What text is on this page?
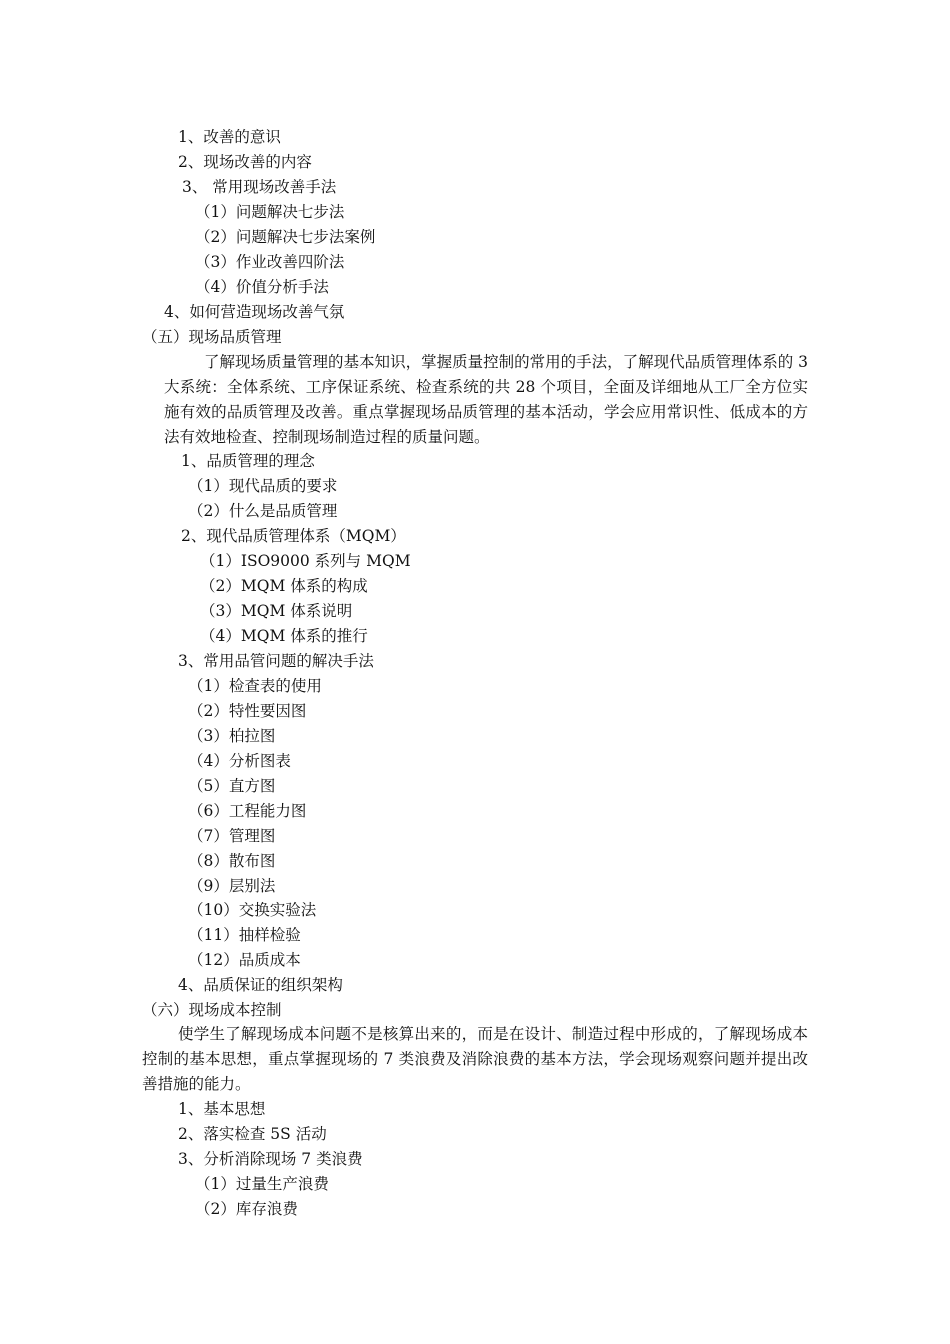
1、改善的意识
2、现场改善的内容
3、 常用现场改善手法
（1）问题解决七步法
（2）问题解决七步法案例
（3）作业改善四阶法
（4）价值分析手法
4、如何营造现场改善气氛
（五）现场品质管理
了解现场质量管理的基本知识，掌握质量控制的常用的手法，了解现代品质管理体系的 3 大系统：全体系统、工序保证系统、检查系统的共 28 个项目，全面及详细地从工厂全方位实施有效的品质管理及改善。重点掌握现场品质管理的基本活动，学会应用常识性、低成本的方法有效地检查、控制现场制造过程的质量问题。
1、品质管理的理念
（1）现代品质的要求
（2）什么是品质管理
2、现代品质管理体系（MQM）
（1）ISO9000 系列与 MQM
（2）MQM 体系的构成
（3）MQM 体系说明
（4）MQM 体系的推行
3、常用品管问题的解决手法
（1）检查表的使用
（2）特性要因图
（3）柏拉图
（4）分析图表
（5）直方图
（6）工程能力图
（7）管理图
（8）散布图
（9）层别法
（10）交换实验法
（11）抽样检验
（12）品质成本
4、品质保证的组织架构
（六）现场成本控制
使学生了解现场成本问题不是核算出来的，而是在设计、制造过程中形成的，了解现场成本控制的基本思想，重点掌握现场的 7 类浪费及消除浪费的基本方法，学会现场观察问题并提出改善措施的能力。
1、基本思想
2、落实检查 5S 活动
3、分析消除现场 7 类浪费
（1）过量生产浪费
（2）库存浪费
